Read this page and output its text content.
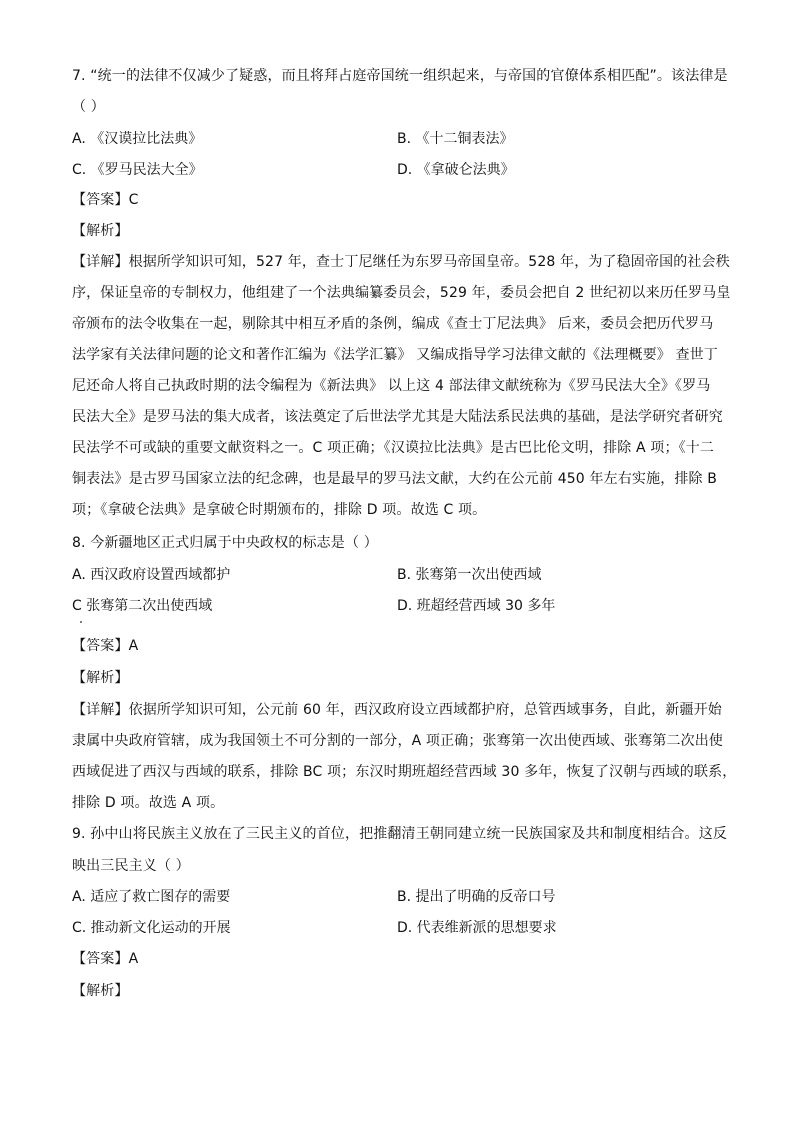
7. “统一的法律不仅减少了疑惑，而且将拜占庭帝国统一组织起来，与帝国的官僚体系相匹配”。该法律是
（ ）
A. 《汉谟拉比法典》	B. 《十二铜表法》
C. 《罗马民法大全》	D. 《拿破仑法典》
【答案】C
【解析】
【详解】根据所学知识可知，527 年，查士丁尼继任为东罗马帝国皇帝。528 年，为了稳固帝国的社会秩
序，保证皇帝的专制权力，他组建了一个法典编纂委员会，529 年，委员会把自 2 世纪初以来历任罗马皇
帝颁布的法令收集在一起，剔除其中相互矛盾的条例，编成《查士丁尼法典》 后来，委员会把历代罗马
法学家有关法律问题的论文和著作汇编为《法学汇纂》 又编成指导学习法律文献的《法理概要》 查世丁
尼还命人将自己执政时期的法令编程为《新法典》 以上这 4 部法律文献统称为《罗马民法大全》《罗马
民法大全》是罗马法的集大成者，该法奠定了后世法学尤其是大陆法系民法典的基础，是法学研究者研究
民法学不可或缺的重要文献资料之一。C 项正确；《汉谟拉比法典》是古巴比伦文明，排除 A 项；《十二
铜表法》是古罗马国家立法的纪念碑，也是最早的罗马法文献，大约在公元前 450 年左右实施，排除 B
项；《拿破仑法典》是拿破仑时期颁布的，排除 D 项。故选 C 项。
8. 今新疆地区正式归属于中央政权的标志是（ ）
A. 西汉政府设置西域都护	B. 张骞第一次出使西域
C 张骞第二次出使西域	D. 班超经营西域 30 多年
【答案】A
【解析】
【详解】依据所学知识可知，公元前 60 年，西汉政府设立西域都护府，总管西域事务，自此，新疆开始
隶属中央政府管辖，成为我国领土不可分割的一部分，A 项正确；张骞第一次出使西域、张骞第二次出使
西域促进了西汉与西域的联系，排除 BC 项；东汉时期班超经营西域 30 多年，恢复了汉朝与西域的联系，
排除 D 项。故选 A 项。
9. 孙中山将民族主义放在了三民主义的首位，把推翻清王朝同建立统一民族国家及共和制度相结合。这反
映出三民主义（ ）
A. 适应了救亡图存的需要	B. 提出了明确的反帝口号
C. 推动新文化运动的开展	D. 代表维新派的思想要求
【答案】A
【解析】
